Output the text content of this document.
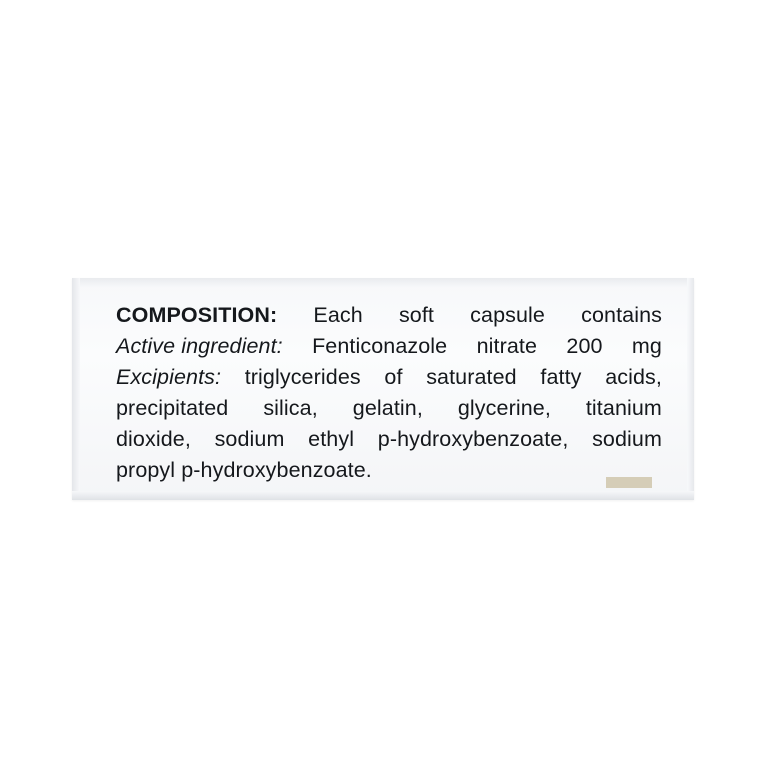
COMPOSITION: Each soft capsule contains
Active ingredient: Fenticonazole nitrate 200 mg
Excipients: triglycerides of saturated fatty acids,
precipitated silica, gelatin, glycerine, titanium
dioxide, sodium ethyl p-hydroxybenzoate, sodium
propyl p-hydroxybenzoate.
